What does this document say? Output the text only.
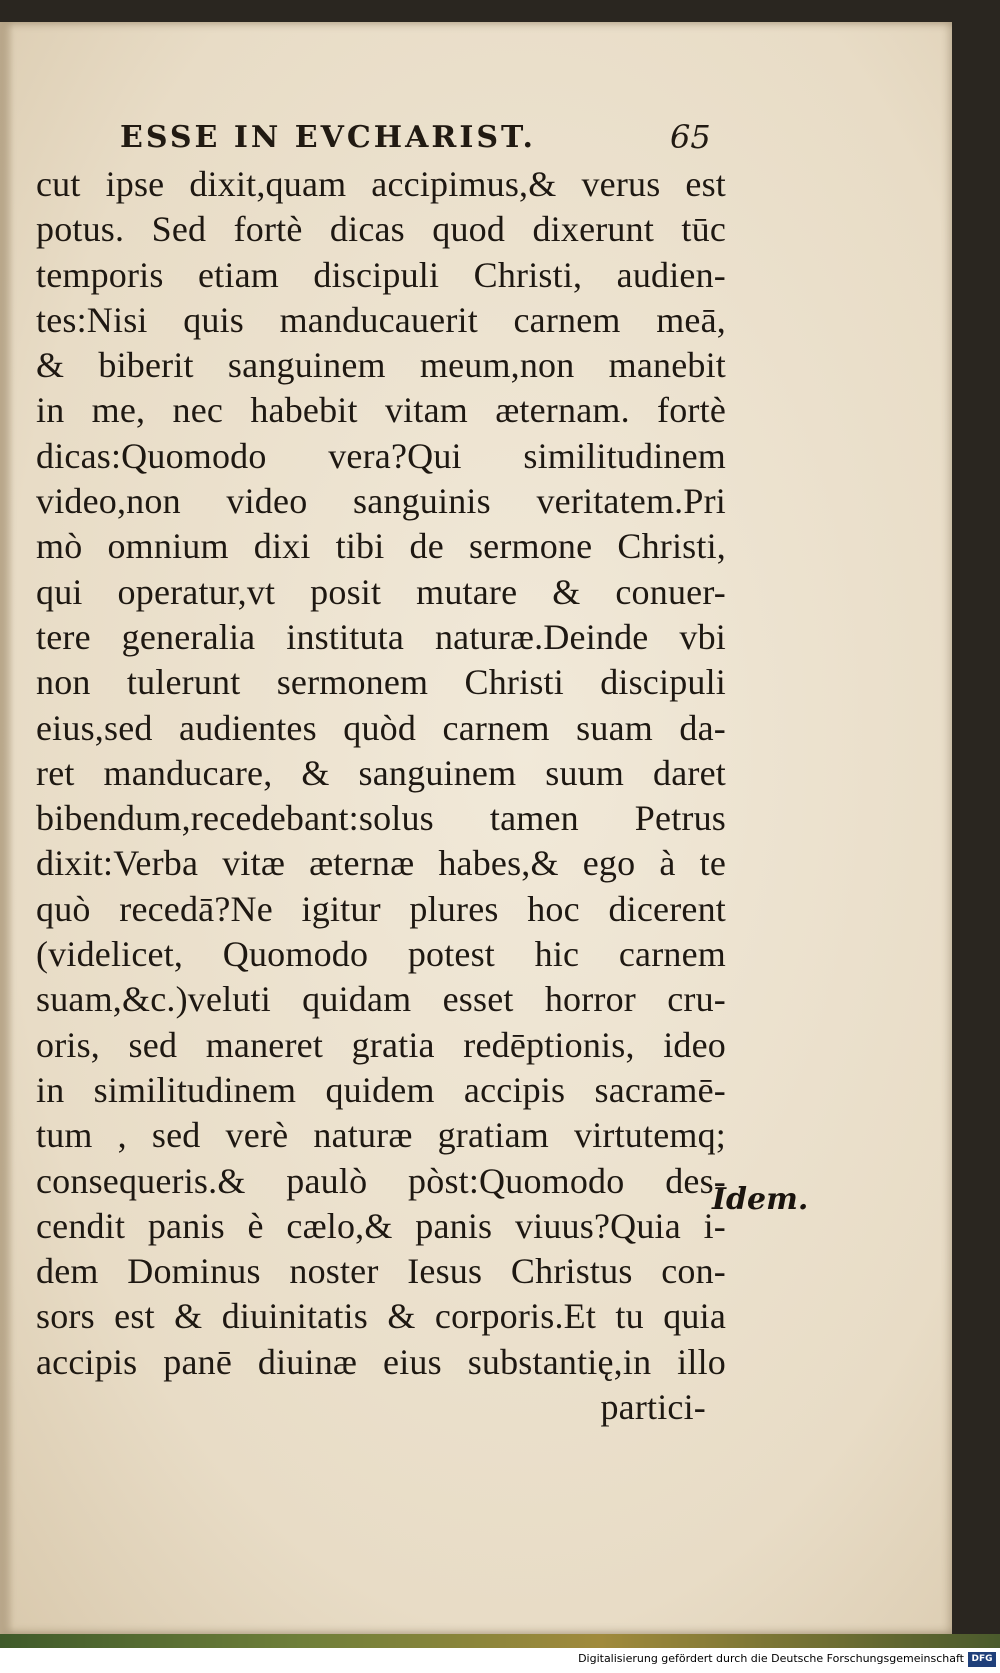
ESSE IN EVCHARIST.	65
cut ipse dixit,quam accipimus,& verus est
potus. Sed fortè dicas quod dixerunt tūc
temporis etiam discipuli Christi, audien-
tes:Nisi quis manducauerit carnem meā,
& biberit sanguinem meum,non manebit
in me, nec habebit vitam æternam. fortè
dicas:Quomodo vera?Qui similitudinem
video,non video sanguinis veritatem.Pri
mò omnium dixi tibi de sermone Christi,
qui operatur,vt posit mutare & conuer-
tere generalia instituta naturæ.Deinde vbi
non tulerunt sermonem Christi discipuli
eius,sed audientes quòd carnem suam da-
ret manducare, & sanguinem suum daret
bibendum,recedebant:solus tamen Petrus
dixit:Verba vitæ æternæ habes,& ego à te
quò recedā?Ne igitur plures hoc dicerent
(videlicet, Quomodo potest hic carnem
suam,&c.)veluti quidam esset horror cru-
oris, sed maneret gratia redēptionis, ideo
in similitudinem quidem accipis sacramē-
tum , sed verè naturæ gratiam virtutemq;
consequeris.& paulò pòst:Quomodo des-
cendit panis è cælo,& panis viuus?Quia i-
dem Dominus noster Iesus Christus con-
sors est & diuinitatis & corporis.Et tu quia
accipis panē diuinæ eius substantię,in illo
partici-
Idem.
Digitalisierung gefördert durch die Deutsche Forschungsgemeinschaft DFG
